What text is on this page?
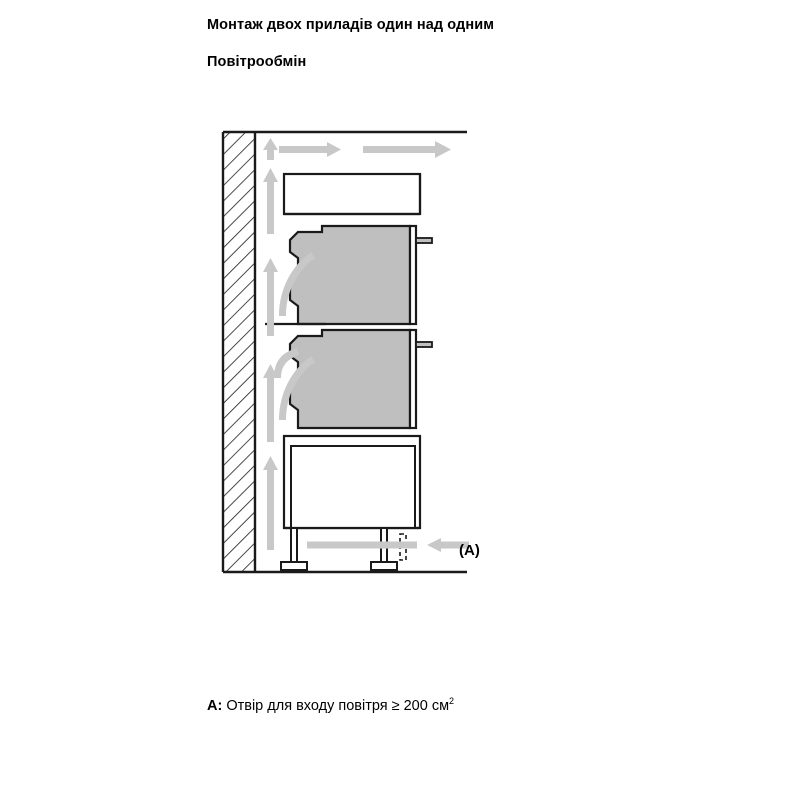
Монтаж двох приладів один над одним
Повітрообмін
(A)
A: Отвір для входу повітря ≥ 200 $см^2$
